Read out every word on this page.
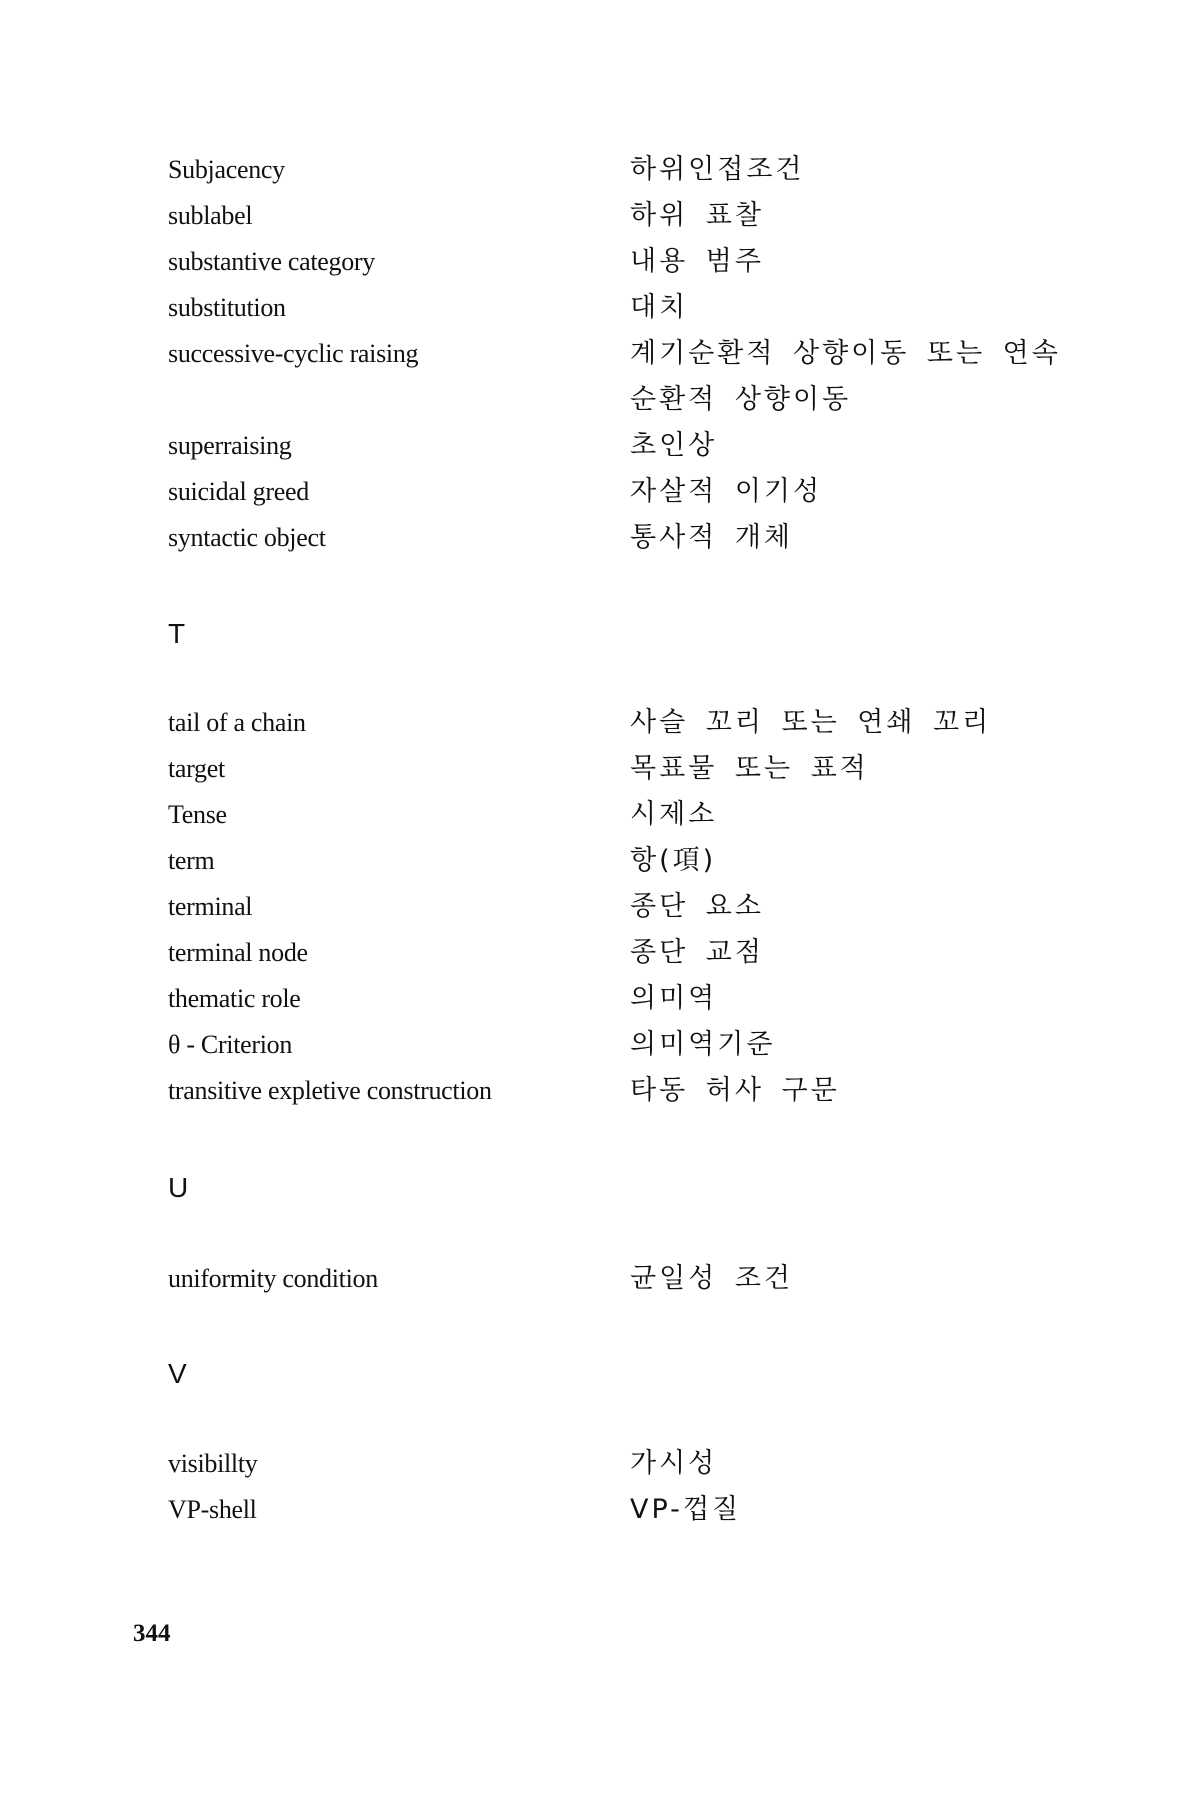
Subjacency	하위인접조건
sublabel	하위 표찰
substantive category	내용 범주
substitution	대치
successive-cyclic raising	계기순환적 상향이동 또는 연속 순환적 상향이동
superraising	초인상
suicidal greed	자살적 이기성
syntactic object	통사적 개체
T
tail of a chain	사슬 꼬리 또는 연쇄 꼬리
target	목표물 또는 표적
Tense	시제소
term	항(項)
terminal	종단 요소
terminal node	종단 교점
thematic role	의미역
θ - Criterion	의미역기준
transitive expletive construction	타동 허사 구문
U
uniformity condition	균일성 조건
V
visibillty	가시성
VP-shell	VP-껍질
344
